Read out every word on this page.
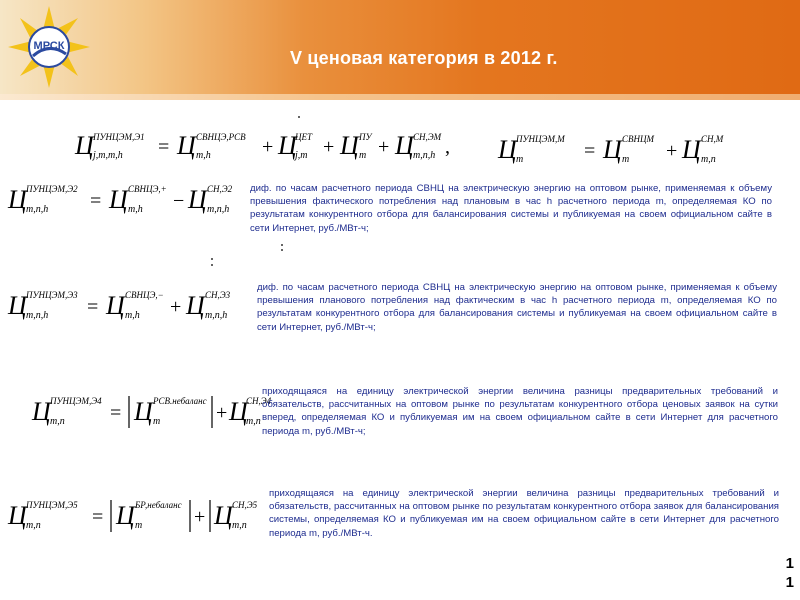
МРСК
V ценовая категория в 2012 г.
Ц ПУНЦЭМ,Э1
j,m,m,h = Ц СВНЦЭ,РСВ
m,h	+ Ц
ЦЕТ
j,m + Ц ПУ
m + Ц СН,ЭМ
m,n,h , Ц ПУНЦЭМ,М
m	= Ц СВНЦМ
m + Ц СН,М
m,n
Ц ПУНЦЭМ,Э2
m,n,h = Ц СВНЦЭ,+
m,h − Ц СН,Э2
m,n,h
диф. по часам расчетного периода СВНЦ на электрическую энергию на оптовом рынке, применяемая к объему превышения фактического потребления над плановым в час h расчетного периода m, определяемая КО по результатам конкурентного отбора для балансирования системы и публикуемая на своем официальном сайте в сети Интернет, руб./МВт-ч;
Ц ПУНЦЭМ,Э3
m,n,h = Ц СВНЦЭ,−
m,h + Ц СН,Э3
m,n,h
диф. по часам расчетного периода СВНЦ на электрическую энергию на оптовом рынке, применяемая к объему превышения планового потребления над фактическим в час h расчетного периода m, определяемая КО по результатам конкурентного отбора для балансирования системы и публикуемая на своем официальном сайте в сети Интернет, руб./МВт-ч;
Ц ПУНЦЭМ,Э4
m,n = Ц РСВ.небаланс
m	+ Ц
СН,Э4
m,n
приходящаяся на единицу электрической энергии величина разницы предварительных требований и обязательств, рассчитанных на оптовом рынке по результатам конкурентного отбора ценовых заявок на сутки вперед, определяемая КО и публикуемая им на своем официальном сайте в сети Интернет для расчетного периода m, руб./МВт-ч;
Ц ПУНЦЭМ,Э5
m,n	= Ц БР,небаланс
m	+ Ц СН,Э5
m,n
приходящаяся на единицу электрической энергии величина разницы предварительных требований и обязательств, рассчитанных на оптовом рынке по результатам конкурентного отбора заявок для балансирования системы, определяемая КО и публикуемая им на своем официальном сайте в сети Интернет для расчетного периода m, руб./МВт-ч.
1
1
